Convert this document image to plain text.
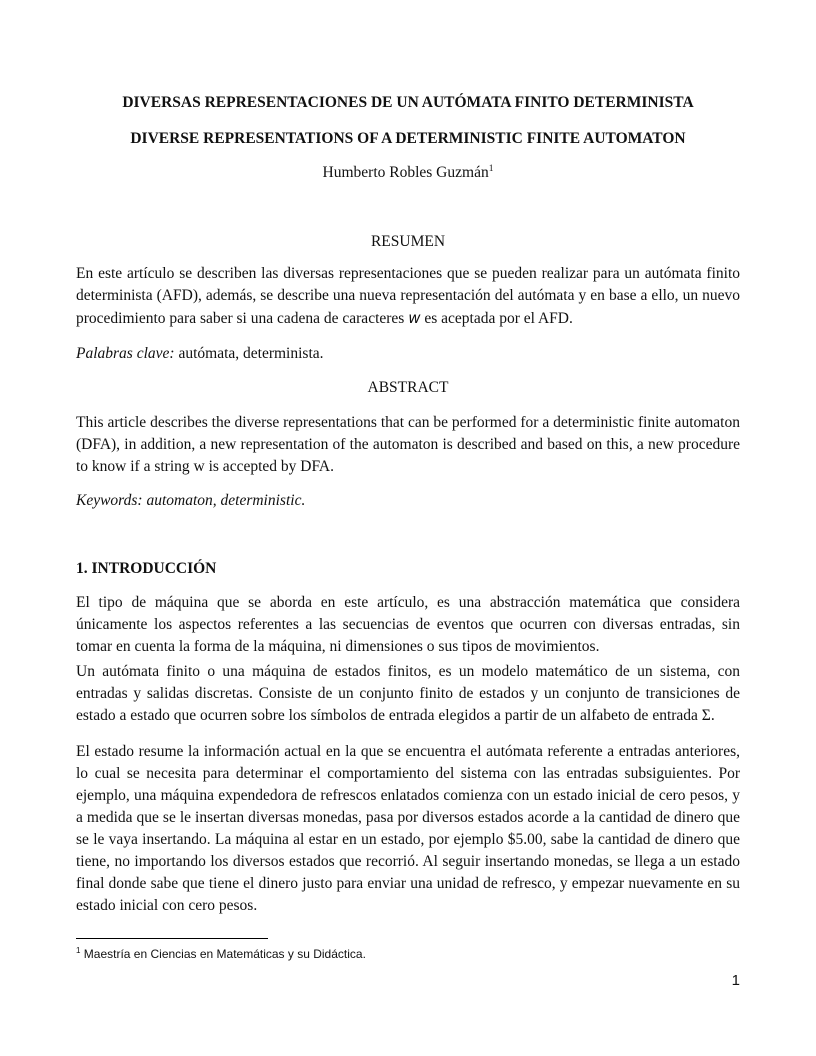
DIVERSAS REPRESENTACIONES DE UN AUTÓMATA FINITO DETERMINISTA
DIVERSE REPRESENTATIONS OF A DETERMINISTIC FINITE AUTOMATON
Humberto Robles Guzmán$^1$
RESUMEN

En este artículo se describen las diversas representaciones que se pueden realizar para un autómata finito determinista (AFD), además, se describe una nueva representación del autómata y en base a ello, un nuevo procedimiento para saber si una cadena de caracteres w es aceptada por el AFD.

Palabras clave: autómata, determinista.
ABSTRACT

This article describes the diverse representations that can be performed for a deterministic finite automaton (DFA), in addition, a new representation of the automaton is described and based on this, a new procedure to know if a string w is accepted by DFA.

Keywords: automaton, deterministic.
1. INTRODUCCIÓN

El tipo de máquina que se aborda en este artículo, es una abstracción matemática que considera únicamente los aspectos referentes a las secuencias de eventos que ocurren con diversas entradas, sin tomar en cuenta la forma de la máquina, ni dimensiones o sus tipos de movimientos.

Un autómata finito o una máquina de estados finitos, es un modelo matemático de un sistema, con entradas y salidas discretas. Consiste de un conjunto finito de estados y un conjunto de transiciones de estado a estado que ocurren sobre los símbolos de entrada elegidos a partir de un alfabeto de entrada Σ.

El estado resume la información actual en la que se encuentra el autómata referente a entradas anteriores, lo cual se necesita para determinar el comportamiento del sistema con las entradas subsiguientes. Por ejemplo, una máquina expendedora de refrescos enlatados comienza con un estado inicial de cero pesos, y a medida que se le insertan diversas monedas, pasa por diversos estados acorde a la cantidad de dinero que se le vaya insertando. La máquina al estar en un estado, por ejemplo $5.00, sabe la cantidad de dinero que tiene, no importando los diversos estados que recorrió. Al seguir insertando monedas, se llega a un estado final donde sabe que tiene el dinero justo para enviar una unidad de refresco, y empezar nuevamente en su estado inicial con cero pesos.

$^1$ Maestría en Ciencias en Matemáticas y su Didáctica.
1
